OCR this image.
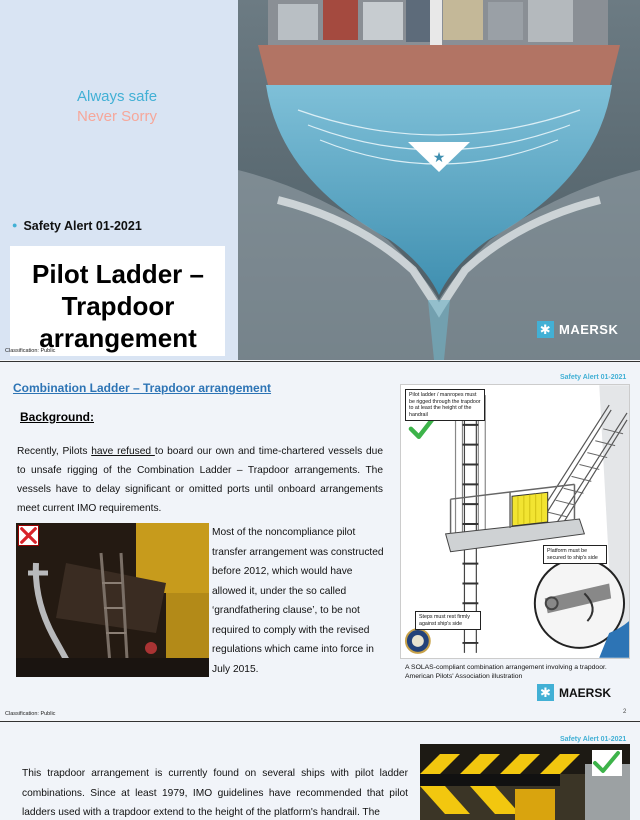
Always safe
Never Sorry
● Safety Alert 01-2021
Pilot Ladder – Trapdoor arrangement
Classification: Public
★
✱ MAERSK
Safety Alert 01-2021
Combination Ladder – Trapdoor arrangement
Background:

Recently, Pilots have refused to board our own and time-chartered vessels due to unsafe rigging of the Combination Ladder – Trapdoor arrangements. The vessels have to delay significant or omitted ports until onboard arrangements meet current IMO requirements.

Most of the noncompliance pilot transfer arrangement was constructed before 2012, which would have allowed it, under the so called ‘grandfathering clause’, to be not required to comply with the revised regulations which came into force in July 2015.

Pilot ladder / manropes must be rigged through the trapdoor to at least the height of the handrail
Platform must be secured to ship's side
Steps must rest firmly against ship's side
A SOLAS-compliant combination arrangement involving a trapdoor. American Pilots' Association illustration
✱ MAERSK
Classification: Public	2
Safety Alert 01-2021

This trapdoor arrangement is currently found on several ships with pilot ladder combinations. Since at least 1979, IMO guidelines have recommended that pilot ladders used with a trapdoor extend to the height of the platform's handrail. The
